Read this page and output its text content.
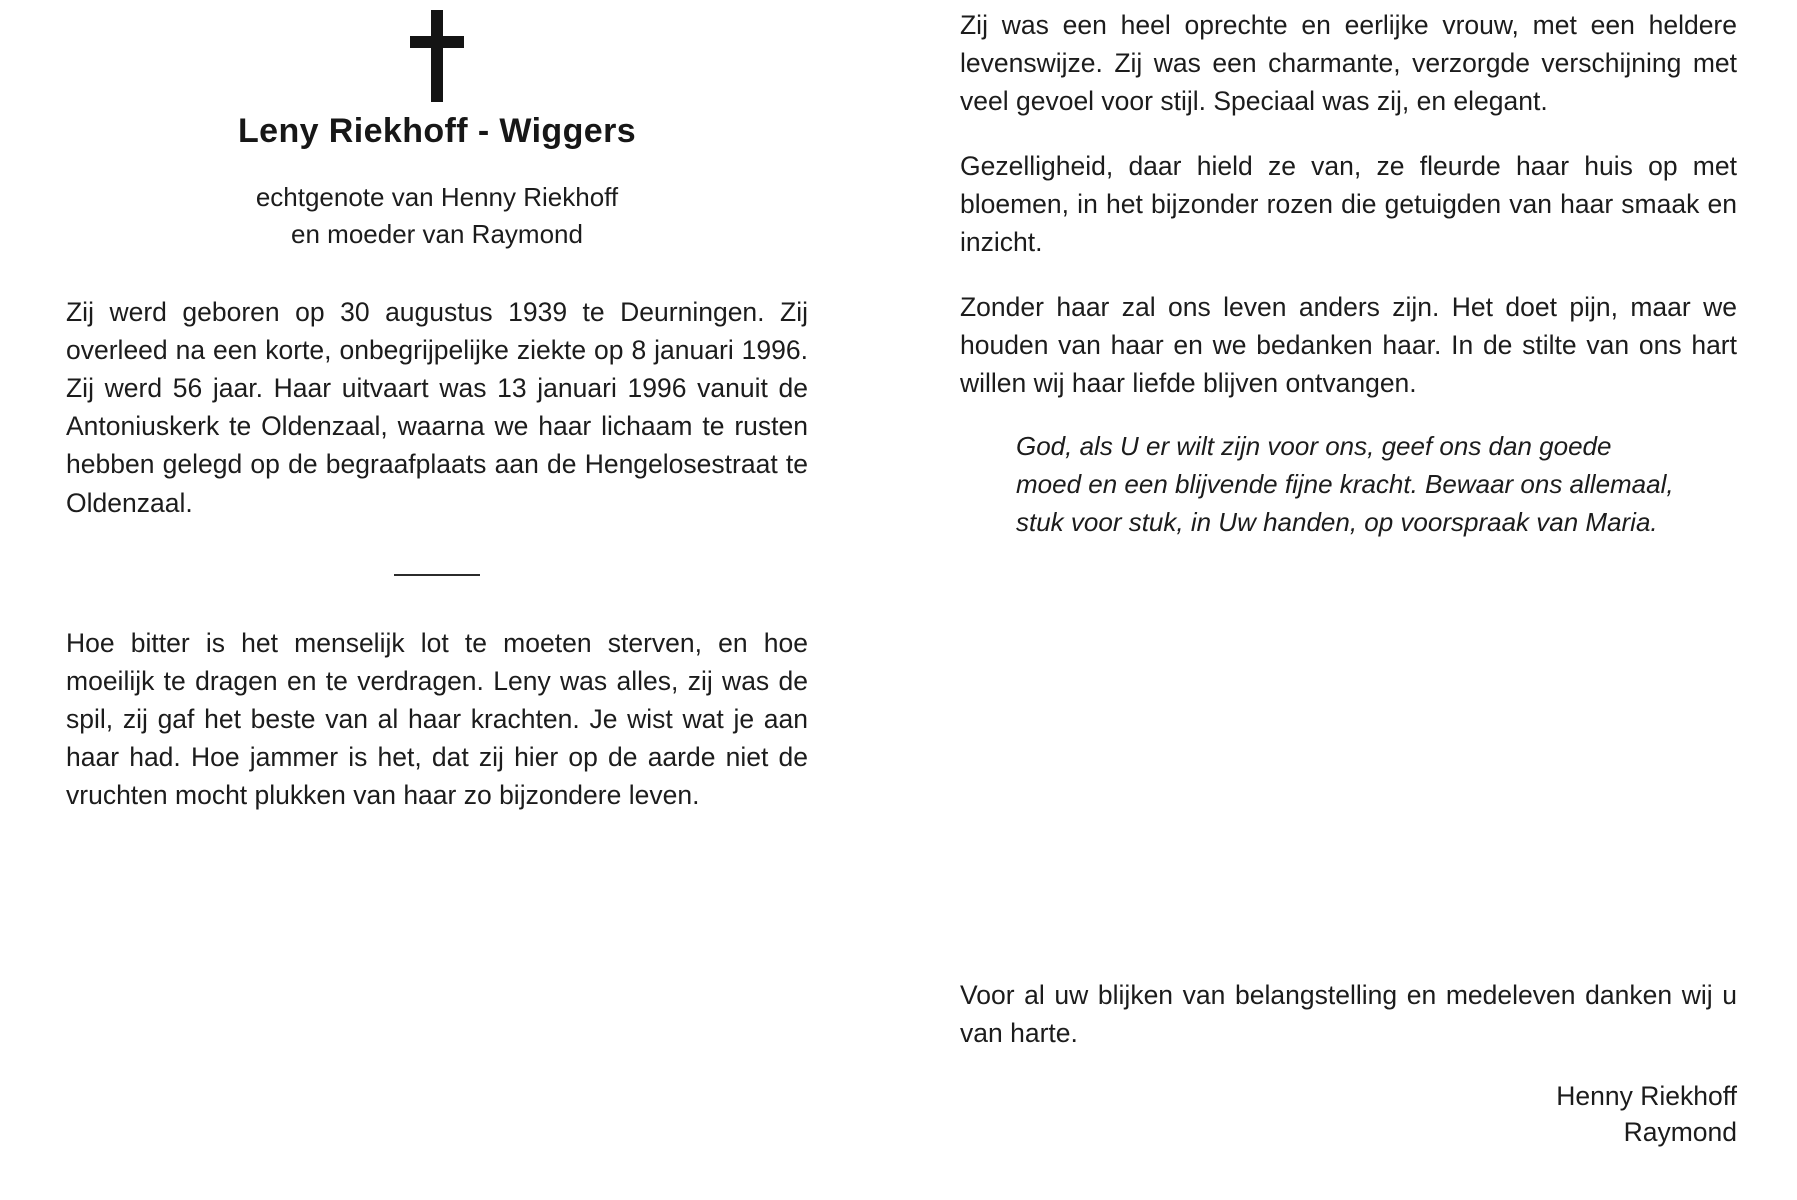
Leny Riekhoff - Wiggers
echtgenote van Henny Riekhoff
en moeder van Raymond

Zij werd geboren op 30 augustus 1939 te Deurningen. Zij overleed na een korte, onbegrijpelijke ziekte op 8 januari 1996. Zij werd 56 jaar. Haar uitvaart was 13 januari 1996 vanuit de Antoniuskerk te Oldenzaal, waarna we haar lichaam te rusten hebben gelegd op de begraafplaats aan de Hengelosestraat te Oldenzaal.

Hoe bitter is het menselijk lot te moeten sterven, en hoe moeilijk te dragen en te verdragen. Leny was alles, zij was de spil, zij gaf het beste van al haar krachten. Je wist wat je aan haar had. Hoe jammer is het, dat zij hier op de aarde niet de vruchten mocht plukken van haar zo bijzondere leven.

Zij was een heel oprechte en eerlijke vrouw, met een heldere levenswijze. Zij was een charmante, verzorgde verschijning met veel gevoel voor stijl. Speciaal was zij, en elegant.

Gezelligheid, daar hield ze van, ze fleurde haar huis op met bloemen, in het bijzonder rozen die getuigden van haar smaak en inzicht.

Zonder haar zal ons leven anders zijn. Het doet pijn, maar we houden van haar en we bedanken haar. In de stilte van ons hart willen wij haar liefde blijven ontvangen.

God, als U er wilt zijn voor ons, geef ons dan goede moed en een blijvende fijne kracht. Bewaar ons allemaal, stuk voor stuk, in Uw handen, op voorspraak van Maria.

Voor al uw blijken van belangstelling en medeleven danken wij u van harte.

Henny Riekhoff
Raymond
